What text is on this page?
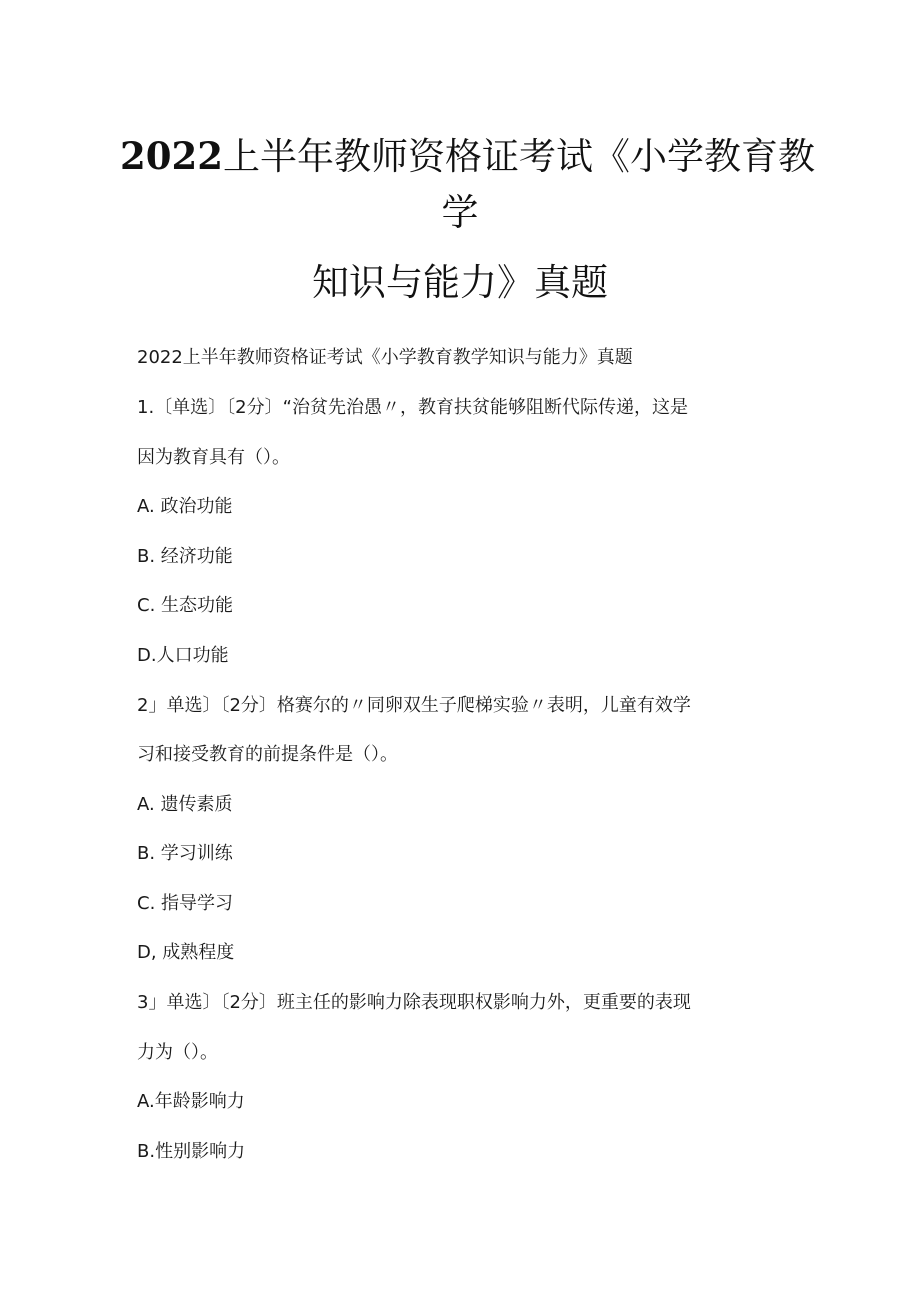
2022上半年教师资格证考试《小学教育教
学
知识与能力》真题
2022上半年教师资格证考试《小学教育教学知识与能力》真题
1.〔单选〕〔2分〕“治贫先治愚〃，教育扶贫能够阻断代际传递，这是
因为教育具有（）。
A. 政治功能
B. 经济功能
C. 生态功能
D.人口功能
2」单选〕〔2分〕格赛尔的〃同卵双生子爬梯实验〃表明，儿童有效学
习和接受教育的前提条件是（）。
A. 遗传素质
B. 学习训练
C. 指导学习
D, 成熟程度
3」单选〕〔2分〕班主任的影响力除表现职权影响力外，更重要的表现
力为（）。
A.年龄影响力
B.性别影响力
